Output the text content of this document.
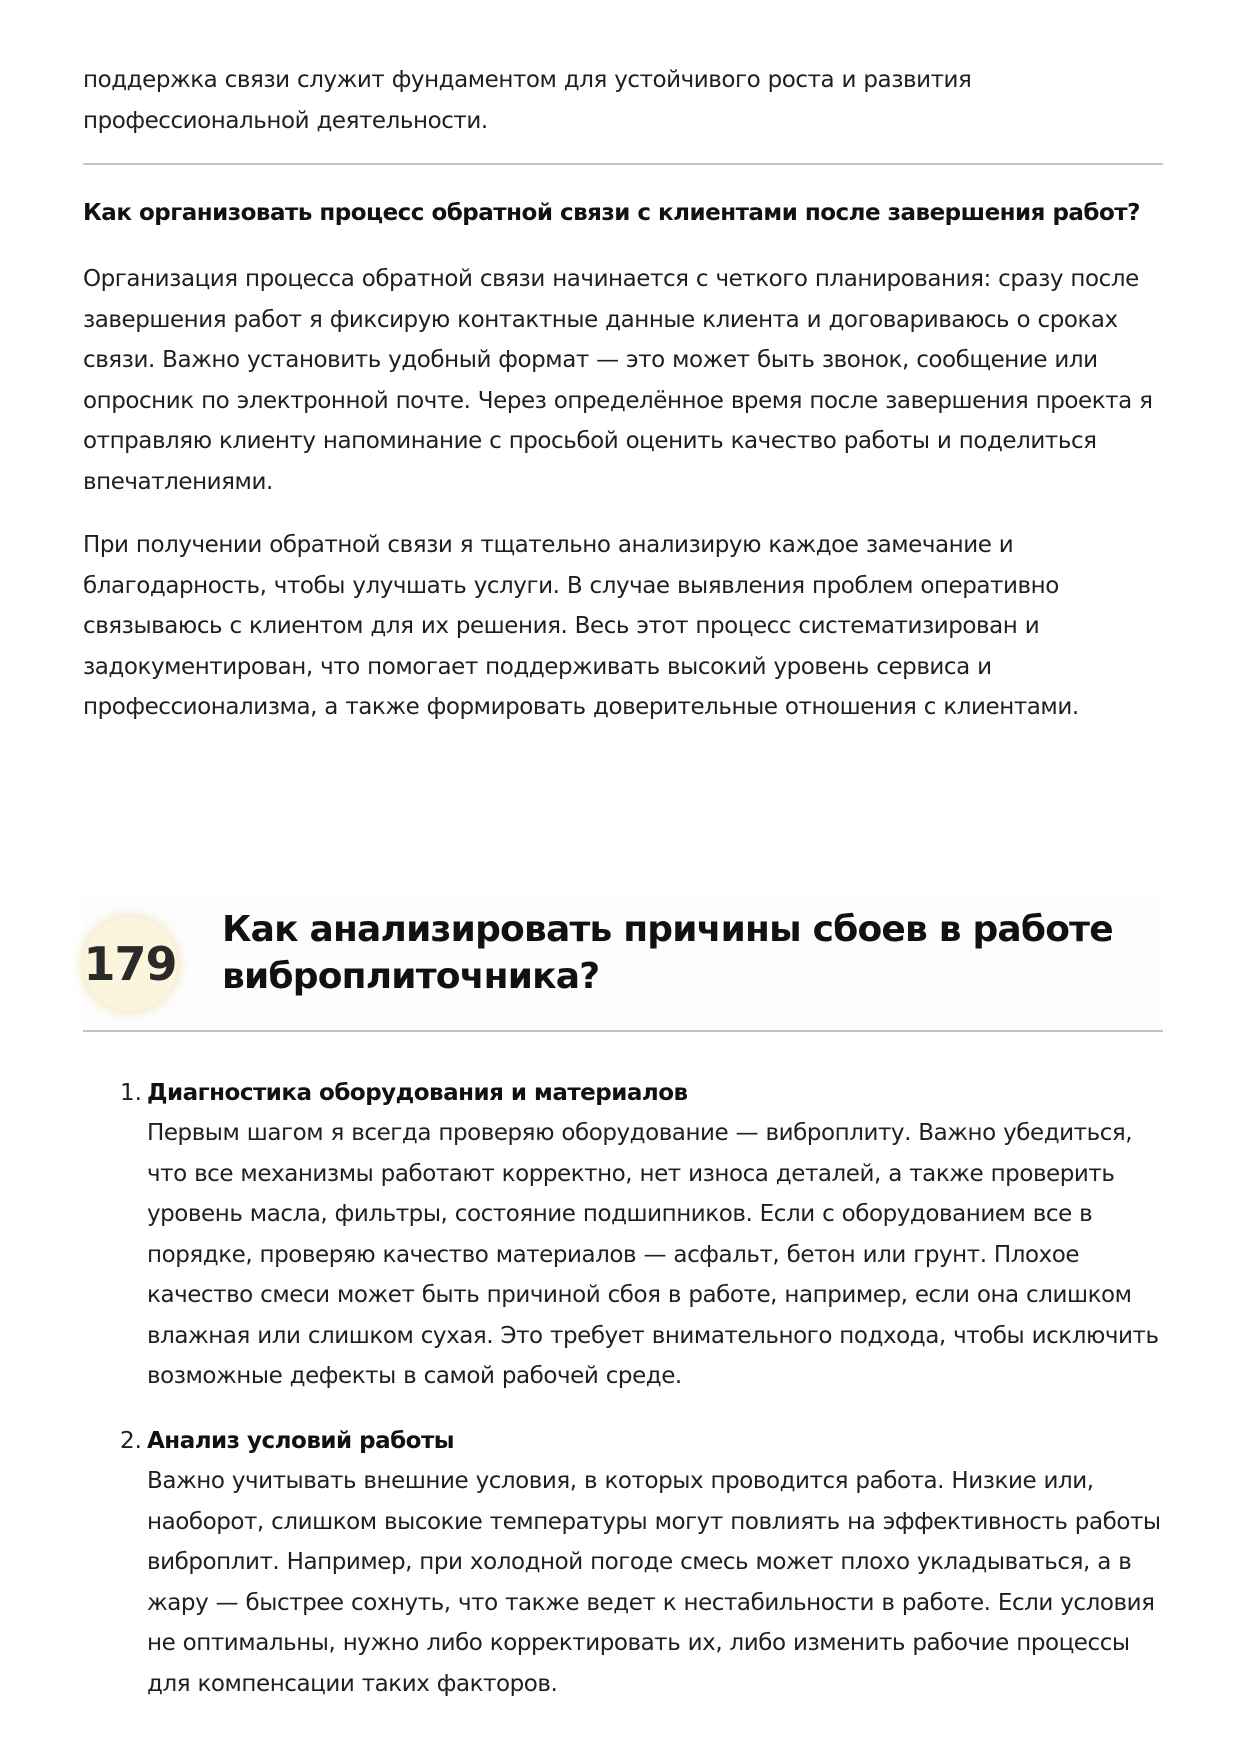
поддержка связи служит фундаментом для устойчивого роста и развития профессиональной деятельности.

Как организовать процесс обратной связи с клиентами после завершения работ?

Организация процесса обратной связи начинается с четкого планирования: сразу после завершения работ я фиксирую контактные данные клиента и договариваюсь о сроках связи. Важно установить удобный формат — это может быть звонок, сообщение или опросник по электронной почте. Через определённое время после завершения проекта я отправляю клиенту напоминание с просьбой оценить качество работы и поделиться впечатлениями.

При получении обратной связи я тщательно анализирую каждое замечание и благодарность, чтобы улучшать услуги. В случае выявления проблем оперативно связываюсь с клиентом для их решения. Весь этот процесс систематизирован и задокументирован, что помогает поддерживать высокий уровень сервиса и профессионализма, а также формировать доверительные отношения с клиентами.

179
Как анализировать причины сбоев в работе виброплиточника?
1. Диагностика оборудования и материалов

Первым шагом я всегда проверяю оборудование — виброплиту. Важно убедиться, что все механизмы работают корректно, нет износа деталей, а также проверить уровень масла, фильтры, состояние подшипников. Если с оборудованием все в порядке, проверяю качество материалов — асфальт, бетон или грунт. Плохое качество смеси может быть причиной сбоя в работе, например, если она слишком влажная или слишком сухая. Это требует внимательного подхода, чтобы исключить возможные дефекты в самой рабочей среде.

2. Анализ условий работы

Важно учитывать внешние условия, в которых проводится работа. Низкие или, наоборот, слишком высокие температуры могут повлиять на эффективность работы виброплит. Например, при холодной погоде смесь может плохо укладываться, а в жару — быстрее сохнуть, что также ведет к нестабильности в работе. Если условия не оптимальны, нужно либо корректировать их, либо изменить рабочие процессы для компенсации таких факторов.
